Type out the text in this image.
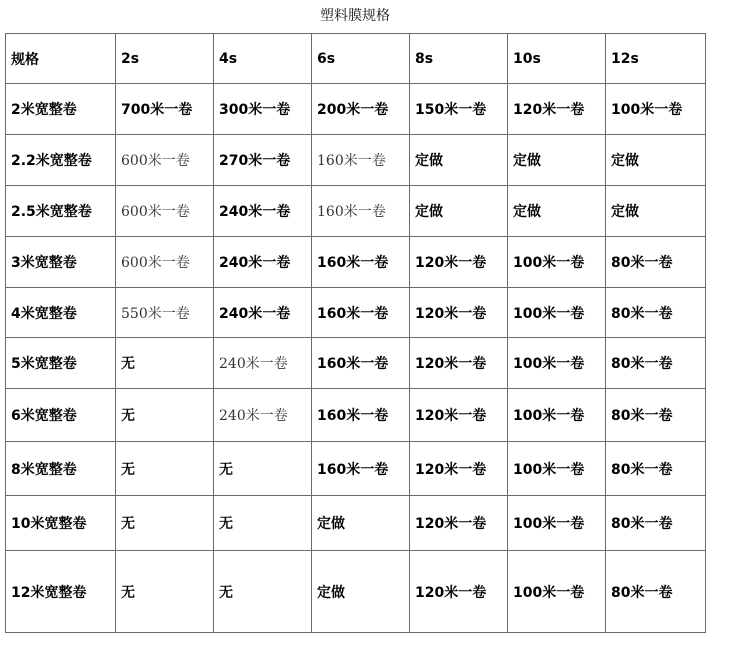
塑料膜规格
规格	2s	4s	6s	8s	10s	12s
2米宽整卷	700米一卷	300米一卷	200米一卷	150米一卷	120米一卷	100米一卷
2.2米宽整卷	600米一卷	270米一卷	160米一卷	定做	定做	定做
2.5米宽整卷	600米一卷	240米一卷	160米一卷	定做	定做	定做
3米宽整卷	600米一卷	240米一卷	160米一卷	120米一卷	100米一卷	80米一卷
4米宽整卷	550米一卷	240米一卷	160米一卷	120米一卷	100米一卷	80米一卷
5米宽整卷	无	240米一卷	160米一卷	120米一卷	100米一卷	80米一卷
6米宽整卷	无	240米一卷	160米一卷	120米一卷	100米一卷	80米一卷
8米宽整卷	无	无	160米一卷	120米一卷	100米一卷	80米一卷
10米宽整卷	无	无	定做	120米一卷	100米一卷	80米一卷
12米宽整卷	无	无	定做	120米一卷	100米一卷	80米一卷
